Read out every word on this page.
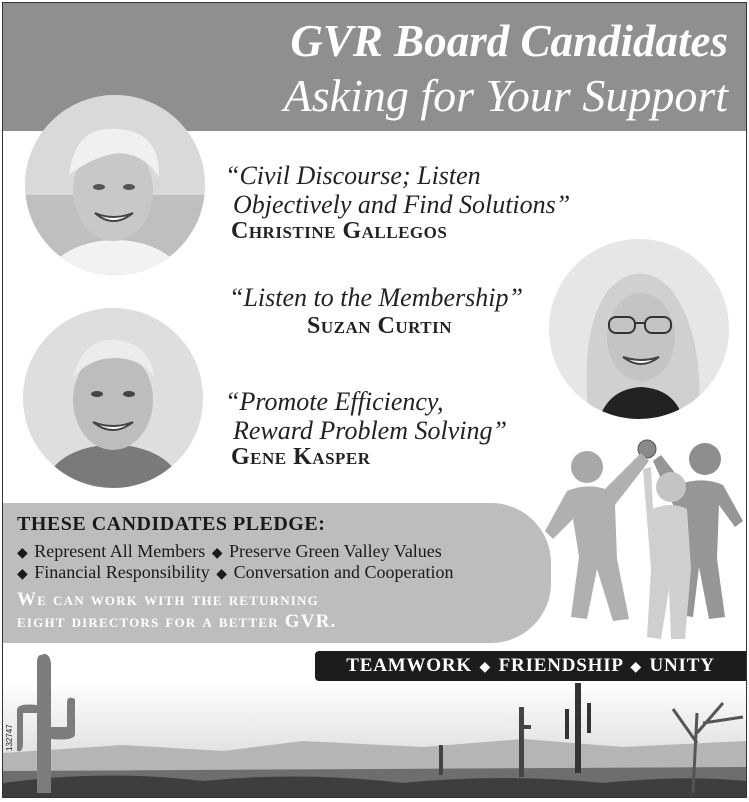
GVR Board Candidates
Asking for Your Support
“Civil Discourse; Listen
Objectively and Find Solutions”
Christine Gallegos
“Listen to the Membership”
Suzan Curtin
“Promote Efficiency,
Reward Problem Solving”
Gene Kasper
THESE CANDIDATES PLEDGE:
◆ Represent All Members ◆ Preserve Green Valley Values
◆ Financial Responsibility ◆ Conversation and Cooperation
We can work with the returning
eight directors for a better GVR.
TEAMWORK ◆ FRIENDSHIP ◆ UNITY
132747
